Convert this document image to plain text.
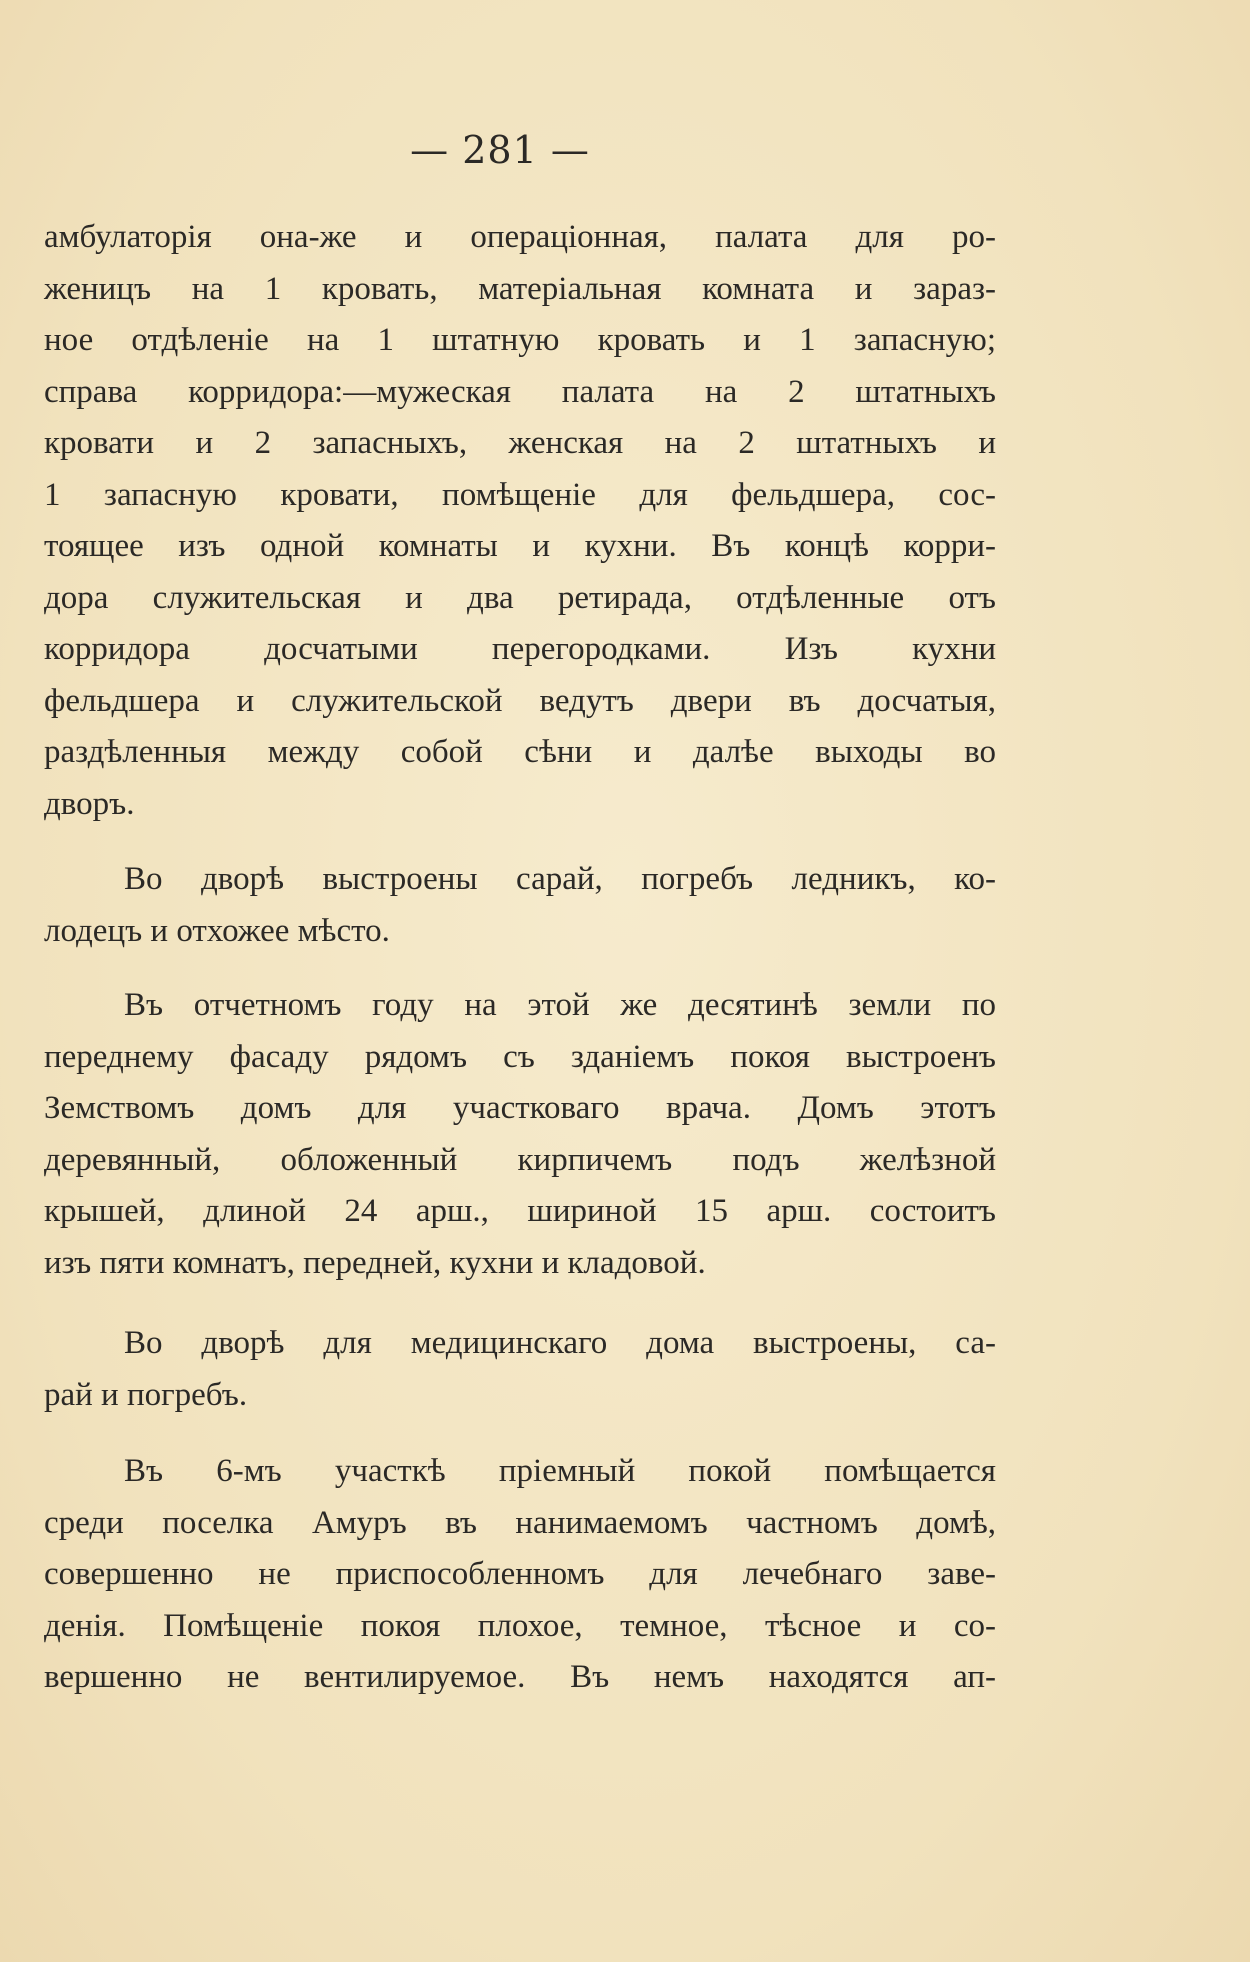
— 281 —
амбулаторія она-же и операціонная, палата для ро-
женицъ на 1 кровать, матеріальная комната и зараз-
ное отдѣленіе на 1 штатную кровать и 1 запасную;
справа корридора:—мужеская палата на 2 штатныхъ
кровати и 2 запасныхъ, женская на 2 штатныхъ и
1 запасную кровати, помѣщеніе для фельдшера, сос-
тоящее изъ одной комнаты и кухни. Въ концѣ корри-
дора служительская и два ретирада, отдѣленные отъ
корридора досчатыми перегородками. Изъ кухни
фельдшера и служительской ведутъ двери въ досчатыя,
раздѣленныя между собой сѣни и далѣе выходы во
дворъ.
Во дворѣ выстроены сарай, погребъ ледникъ, ко-
лодецъ и отхожее мѣсто.
Въ отчетномъ году на этой же десятинѣ земли по
переднему фасаду рядомъ съ зданіемъ покоя выстроенъ
Земствомъ домъ для участковаго врача. Домъ этотъ
деревянный, обложенный кирпичемъ подъ желѣзной
крышей, длиной 24 арш., шириной 15 арш. состоитъ
изъ пяти комнатъ, передней, кухни и кладовой.
Во дворѣ для медицинскаго дома выстроены, са-
рай и погребъ.
Въ 6-мъ участкѣ пріемный покой помѣщается
среди поселка Амуръ въ нанимаемомъ частномъ домѣ,
совершенно не приспособленномъ для лечебнаго заве-
денія. Помѣщеніе покоя плохое, темное, тѣсное и со-
вершенно не вентилируемое. Въ немъ находятся ап-
